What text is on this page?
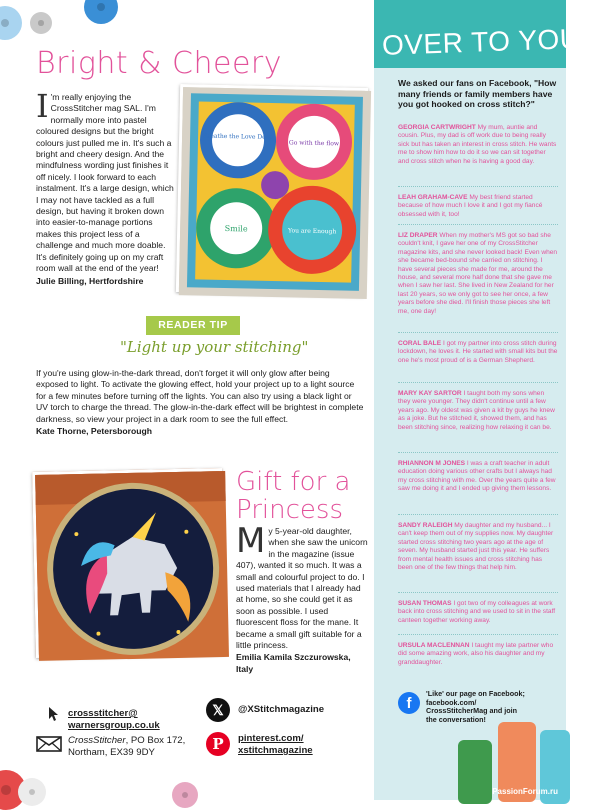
Bright & Cheery
I 'm really enjoying the CrossStitcher mag SAL. I'm normally more into pastel coloured designs but the bright colours just pulled me in. It's such a bright and cheery design. And the mindfulness wording just finishes it off nicely. I look forward to each instalment. It's a large design, which I may not have tackled as a full design, but having it broken down into easier-to-manage portions makes this project less of a challenge and much more doable. It's definitely going up on my craft room wall at the end of the year!
Julie Billing, Hertfordshire
Breathe the Love Deep
Go with the flow
Smile	You are Enough
READER TIP
"Light up your stitching"
If you're using glow-in-the-dark thread, don't forget it will only glow after being exposed to light. To activate the glowing effect, hold your project up to a light source for a few minutes before turning off the lights. You can also try using a black light or UV torch to charge the thread. The glow-in-the-dark effect will be brightest in complete darkness, so view your project in a dark room to see the full effect.
Kate Thorne, Petersborough
Gift for a Princess
My 5-year-old daughter, when she saw the unicorn in the magazine (issue 407), wanted it so much. It was a small and colourful project to do. I used materials that I already had at home, so she could get it as soon as possible. I used fluorescent floss for the mane. It became a small gift suitable for a little princess.
Emilia Kamila Szczurowska, Italy
crossstitcher@
warnersgroup.co.uk
CrossStitcher, PO Box 172,
Northam, EX39 9DY
𝕏	@XStitchmagazine
P	pinterest.com/
xstitchmagazine
OVER TO YOU...
We asked our fans on Facebook, "How many friends or family members have you got hooked on cross stitch?"
GEORGIA CARTWRIGHT My mum, auntie and cousin. Plus, my dad is off work due to being really sick but has taken an interest in cross stitch. He wants me to show him how to do it so we can sit together and cross stitch when he is having a good day.
LEAH GRAHAM-CAVE My best friend started because of how much I love it and I got my fiancé obsessed with it, too!
LIZ DRAPER When my mother's MS got so bad she couldn't knit, I gave her one of my CrossStitcher magazine kits, and she never looked back! Even when she became bed-bound she carried on stitching. I have several pieces she made for me, around the house, and several more half done that she gave me when I saw her last. She lived in New Zealand for her last 20 years, so we only got to see her once, a few years before she died. I'll finish those pieces she left me, one day!
CORAL BALE I got my partner into cross stitch during lockdown, he loves it. He started with small kits but the one he's most proud of is a German Shepherd.
MARY KAY SARTOR I taught both my sons when they were younger. They didn't continue until a few years ago. My oldest was given a kit by guys he knew as a joke. But he stitched it, showed them, and has been stitching since, realizing how relaxing it can be.
RHIANNON M JONES I was a craft teacher in adult education doing various other crafts but I always had my cross stitching with me. Over the years quite a few saw me doing it and I ended up giving them lessons.
SANDY RALEIGH My daughter and my husband... I can't keep them out of my supplies now. My daughter started cross stitching two years ago at the age of seven. My husband started just this year. He suffers from mental health issues and cross stitching has been one of the few things that help him.
SUSAN THOMAS I got two of my colleagues at work back into cross stitching and we used to sit in the staff canteen together working away.
URSULA MACLENNAN I taught my late partner who did some amazing work, also his daughter and my granddaughter.
f
'Like' our page on Facebook; facebook.com/ CrossStitcherMag and join the conversation!
PassionForum.ru
